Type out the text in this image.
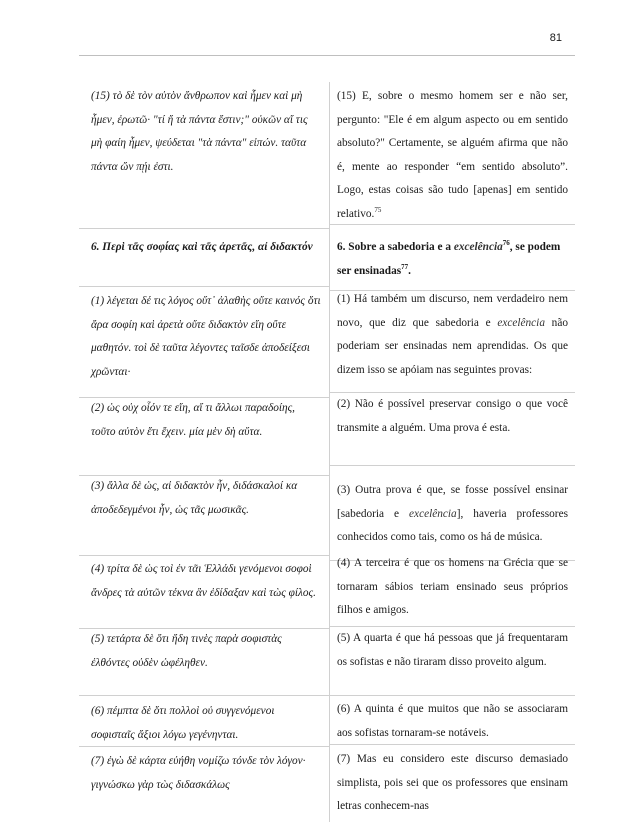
81
(15) τὸ δὲ τὸν αὐτὸν ἄνθρωπον καὶ ἦμεν καὶ μὴ ἦμεν, ἐρωτῶ· "τί ἤ τὰ πάντα ἔστιν;" οὐκῶν αἴ τις μὴ φαίη ἦμεν, ψεύδεται "τὰ πάντα" εἰπών. ταῦτα πάντα ὤν πῄι ἐστι.
(15) E, sobre o mesmo homem ser e não ser, pergunto: "Ele é em algum aspecto ou em sentido absoluto?" Certamente, se alguém afirma que não é, mente ao responder “em sentido absoluto”. Logo, estas coisas são tudo [apenas] em sentido relativo.$^{75}$
6. Περὶ τᾶς σοφίας καὶ τᾶς ἀρετᾶς, αἰ διδακτόν	6. Sobre a sabedoria e a excelência$^{76}$, se podem ser ensinadas$^{77}$.
(1) λέγεται δέ τις λόγος οὔτ᾽ ἀλαθὴς οὔτε καινός ὅτι ἄρα σοφίη καὶ ἀρετὰ οὔτε διδακτὸν εἴη οὔτε μαθητόν. τοὶ δὲ ταῦτα λέγοντες ταῖσδε ἀποδείξεσι χρῶνται·
(1) Há também um discurso, nem verdadeiro nem novo, que diz que sabedoria e excelência não poderiam ser ensinadas nem aprendidas. Os que dizem isso se apóiam nas seguintes provas:
(2) ὡς οὐχ οἷόν τε εἴη, αἴ τι ἄλλωι παραδοίης, τοῦτο αὐτὸν ἔτι ἔχειν. μία μὲν δὴ αὕτα.
(2) Não é possível preservar consigo o que você transmite a alguém. Uma prova é esta.
(3) ἄλλα δὲ ὡς, αἰ διδακτὸν ἦν, διδάσκαλοί κα ἀποδεδεγμένοι ἦν, ὡς τᾶς μωσικᾶς.
(3) Outra prova é que, se fosse possível ensinar [sabedoria e excelência], haveria professores conhecidos como tais, como os há de música.
(4) τρίτα δὲ ὡς τοὶ ἐν τᾶι Ἑλλάδι γενόμενοι σοφοὶ ἄνδρες τὰ αὐτῶν τέκνα ἂν ἐδίδαξαν καὶ τὼς φίλος.
(4) A terceira é que os homens na Grécia que se tornaram sábios teriam ensinado seus próprios filhos e amigos.
(5) τετάρτα δὲ ὅτι ἤδη τινὲς παρὰ σοφιστὰς ἐλθόντες οὐδὲν ὠφέληθεν.
(5) A quarta é que há pessoas que já frequentaram os sofistas e não tiraram disso proveito algum.
(6) πέμπτα δὲ ὅτι πολλοὶ οὐ συγγενόμενοι σοφισταῖς ἄξιοι λόγω γεγένηνται.
(6) A quinta é que muitos que não se associaram aos sofistas tornaram-se notáveis.
(7) ἐγὼ δὲ κάρτα εὐήθη νομίζω τόνδε τὸν λόγον· γιγνώσκω γὰρ τὼς διδασκάλως
(7) Mas eu considero este discurso demasiado simplista, pois sei que os professores que ensinam letras conhecem-nas
